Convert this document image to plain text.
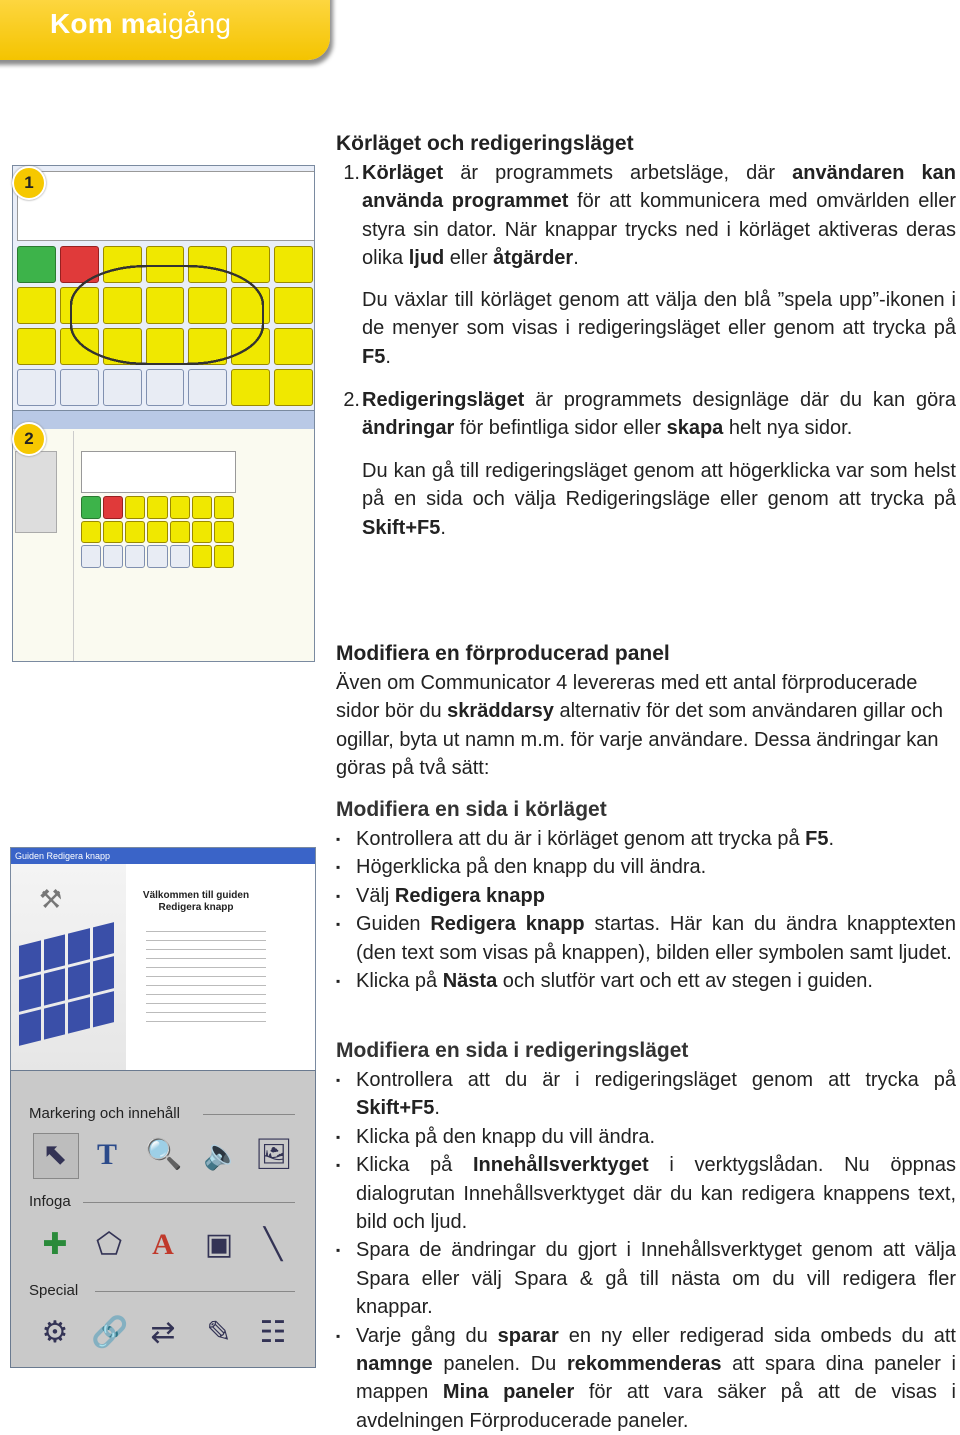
Kom maigång
1
2
Guiden Redigera knapp
⚒	Välkommen till guiden Redigera knapp
Markering och innehåll
Infoga
Special
⬉ T 🔍 🔈 🖼
✚ ⬠ A ▣ ╲
⚙ 🔗 ⇄ ✎ ☷
Körläget och redigeringsläget
1. Körläget är programmets arbetsläge, där användaren kan använda programmet för att kommunicera med omvärlden eller styra sin dator. När knappar trycks ned i körläget aktiveras deras olika ljud eller åtgärder.
Du växlar till körläget genom att välja den blå ”spela upp”-ikonen i de menyer som visas i redigeringsläget eller genom att trycka på F5.
2. Redigeringsläget är programmets designläge där du kan göra ändringar för befintliga sidor eller skapa helt nya sidor.
Du kan gå till redigeringsläget genom att högerklicka var som helst på en sida och välja Redigeringsläge eller genom att trycka på Skift+F5.
Modifiera en förproducerad panel
Även om Communicator 4 levereras med ett antal förproducerade sidor bör du skräddarsy alternativ för det som användaren gillar och ogillar, byta ut namn m.m. för varje användare. Dessa ändringar kan göras på två sätt:
Modifiera en sida i körläget
▪ Kontrollera att du är i körläget genom att trycka på F5.
▪ Högerklicka på den knapp du vill ändra.
▪ Välj Redigera knapp
▪ Guiden Redigera knapp startas. Här kan du ändra knapptexten (den text som visas på knappen), bilden eller symbolen samt ljudet.
▪ Klicka på Nästa och slutför vart och ett av stegen i guiden.
Modifiera en sida i redigeringsläget
▪ Kontrollera att du är i redigeringsläget genom att trycka på Skift+F5.
▪ Klicka på den knapp du vill ändra.
▪ Klicka på Innehållsverktyget i verktygslådan. Nu öppnas dialogrutan Innehållsverktyget där du kan redigera knappens text, bild och ljud.
▪ Spara de ändringar du gjort i Innehållsverktyget genom att välja Spara eller välj Spara & gå till nästa om du vill redigera fler knappar.
▪ Varje gång du sparar en ny eller redigerad sida ombeds du att namnge panelen. Du rekommenderas att spara dina paneler i mappen Mina paneler för att vara säker på att de visas i avdelningen Förproducerade paneler.
